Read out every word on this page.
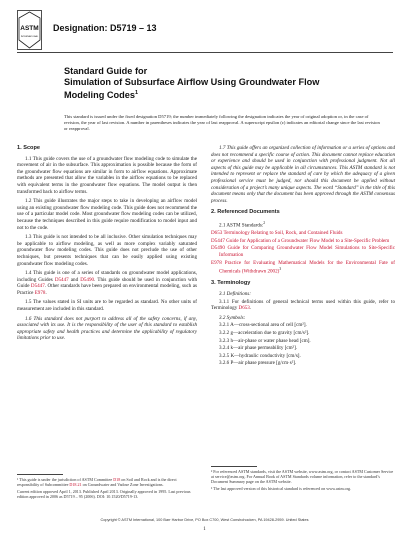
ASTM
INTERNATIONAL
Designation: D5719 – 13
Standard Guide for
Simulation of Subsurface Airflow Using Groundwater Flow
Modeling Codes$^1$
This standard is issued under the fixed designation D5719; the number immediately following the designation indicates the year of original adoption or, in the case of revision, the year of last revision. A number in parentheses indicates the year of last reapproval. A superscript epsilon (ε) indicates an editorial change since the last revision or reapproval.
1. Scope
1.1 This guide covers the use of a groundwater flow modeling code to simulate the movement of air in the subsurface. This approximation is possible because the form of the groundwater flow equations are similar in form to airflow equations. Approximate methods are presented that allow the variables in the airflow equations to be replaced with equivalent terms in the groundwater flow equations. The model output is then transformed back to airflow terms.
1.2 This guide illustrates the major steps to take in developing an airflow model using an existing groundwater flow modeling code. This guide does not recommend the use of a particular model code. Most groundwater flow modeling codes can be utilized, because the techniques described in this guide require modification to model input and not to the code.
1.3 This guide is not intended to be all inclusive. Other simulation techniques may be applicable to airflow modeling, as well as more complex variably saturated groundwater flow modeling codes. This guide does not preclude the use of other techniques, but presents techniques that can be easily applied using existing groundwater flow modeling codes.
1.4 This guide is one of a series of standards on groundwater model applications, including Guides D5447 and D5490. This guide should be used in conjunction with Guide D5447. Other standards have been prepared on environmental modeling, such as Practice E978.
1.5 The values stated in SI units are to be regarded as standard. No other units of measurement are included in this standard.
1.6 This standard does not purport to address all of the safety concerns, if any, associated with its use. It is the responsibility of the user of this standard to establish appropriate safety and health practices and determine the applicability of regulatory limitations prior to use.

¹ This guide is under the jurisdiction of ASTM Committee D18 on Soil and Rock and is the direct responsibility of Subcommittee D18.21 on Groundwater and Vadose Zone Investigations.

Current edition approved April 1, 2013. Published April 2013. Originally approved in 1995. Last previous edition approved in 2006 as D5719 – 95 (2006). DOI: 10.1520/D5719-13.

1.7 This guide offers an organized collection of information or a series of options and does not recommend a specific course of action. This document cannot replace education or experience and should be used in conjunction with professional judgment. Not all aspects of this guide may be applicable in all circumstances. This ASTM standard is not intended to represent or replace the standard of care by which the adequacy of a given professional service must be judged, nor should this document be applied without consideration of a project’s many unique aspects. The word “Standard” in the title of this document means only that the document has been approved through the ASTM consensus process.
2. Referenced Documents
2.1 ASTM Standards:$^2$
D653 Terminology Relating to Soil, Rock, and Contained Fluids
D5447 Guide for Application of a Groundwater Flow Model to a Site-Specific Problem
D5490 Guide for Comparing Groundwater Flow Model Simulations to Site-Specific Information
E978 Practice for Evaluating Mathematical Models for the Environmental Fate of Chemicals (Withdrawn 2002)$^3$
3. Terminology
3.1 Definitions:
3.1.1 For definitions of general technical terms used within this guide, refer to Terminology D653.
3.2 Symbols:
3.2.1 A—cross-sectional area of cell [cm²].
3.2.2 g—acceleration due to gravity [cm/s²].
3.2.3 h—air-phase or water phase head [cm].
3.2.4 k—air phase permeability [cm²].
3.2.5 K—hydraulic conductivity [cm/s].
3.2.6 P—air phase pressure [g/cm·s²].

² For referenced ASTM standards, visit the ASTM website, www.astm.org, or contact ASTM Customer Service at service@astm.org. For Annual Book of ASTM Standards volume information, refer to the standard’s Document Summary page on the ASTM website.

³ The last approved version of this historical standard is referenced on www.astm.org.

Copyright © ASTM International, 100 Barr Harbor Drive, PO Box C700, West Conshohocken, PA 19428-2959. United States
1
